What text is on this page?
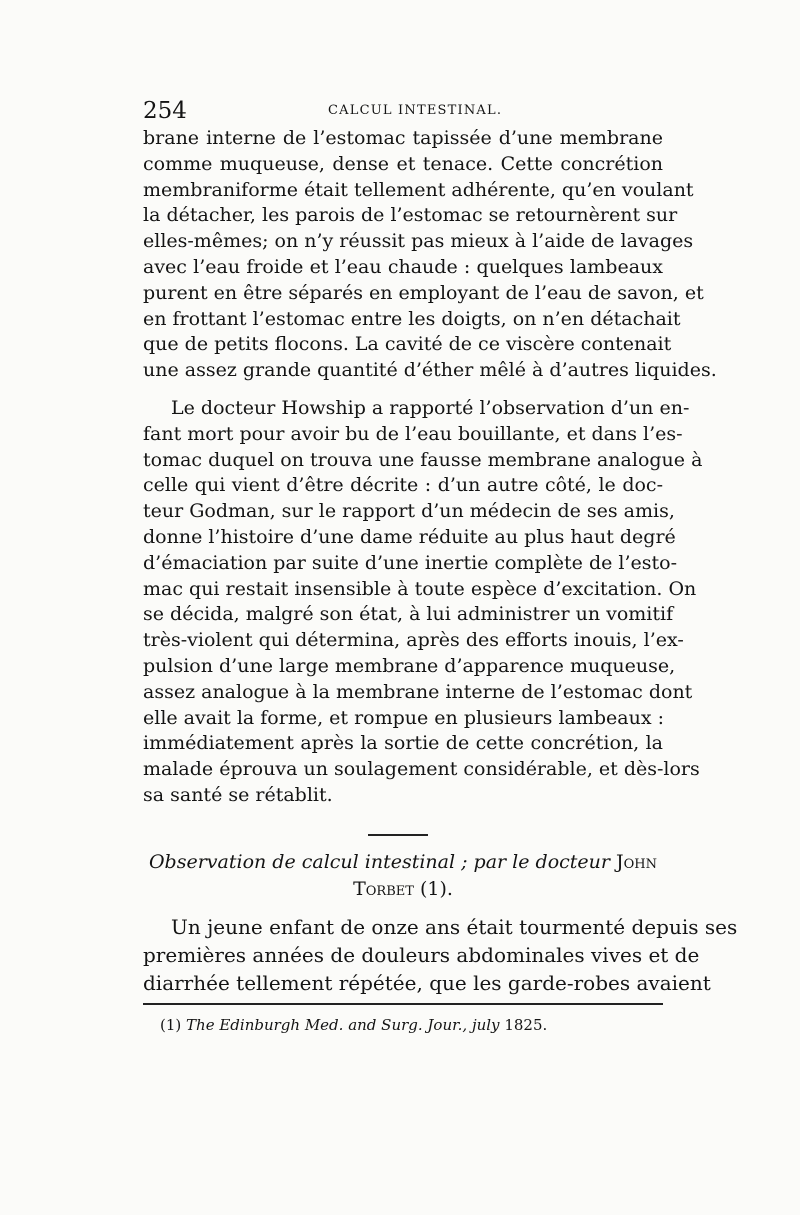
254	CALCUL INTESTINAL.
brane interne de l’estomac tapissée d’une membrane
comme muqueuse, dense et tenace. Cette concrétion
membraniforme était tellement adhérente, qu’en voulant
la détacher, les parois de l’estomac se retournèrent sur
elles-mêmes; on n’y réussit pas mieux à l’aide de lavages
avec l’eau froide et l’eau chaude : quelques lambeaux
purent en être séparés en employant de l’eau de savon, et
en frottant l’estomac entre les doigts, on n’en détachait
que de petits flocons. La cavité de ce viscère contenait
une assez grande quantité d’éther mêlé à d’autres liquides.
Le docteur Howship a rapporté l’observation d’un en-
fant mort pour avoir bu de l’eau bouillante, et dans l’es-
tomac duquel on trouva une fausse membrane analogue à
celle qui vient d’être décrite : d’un autre côté, le doc-
teur Godman, sur le rapport d’un médecin de ses amis,
donne l’histoire d’une dame réduite au plus haut degré
d’émaciation par suite d’une inertie complète de l’esto-
mac qui restait insensible à toute espèce d’excitation. On
se décida, malgré son état, à lui administrer un vomitif
très-violent qui détermina, après des efforts inouis, l’ex-
pulsion d’une large membrane d’apparence muqueuse,
assez analogue à la membrane interne de l’estomac dont
elle avait la forme, et rompue en plusieurs lambeaux :
immédiatement après la sortie de cette concrétion, la
malade éprouva un soulagement considérable, et dès-lors
sa santé se rétablit.
Observation de calcul intestinal ; par le docteur John
Torbet (1).
Un jeune enfant de onze ans était tourmenté depuis ses
premières années de douleurs abdominales vives et de
diarrhée tellement répétée, que les garde-robes avaient
(1) The Edinburgh Med. and Surg. Jour., july 1825.
